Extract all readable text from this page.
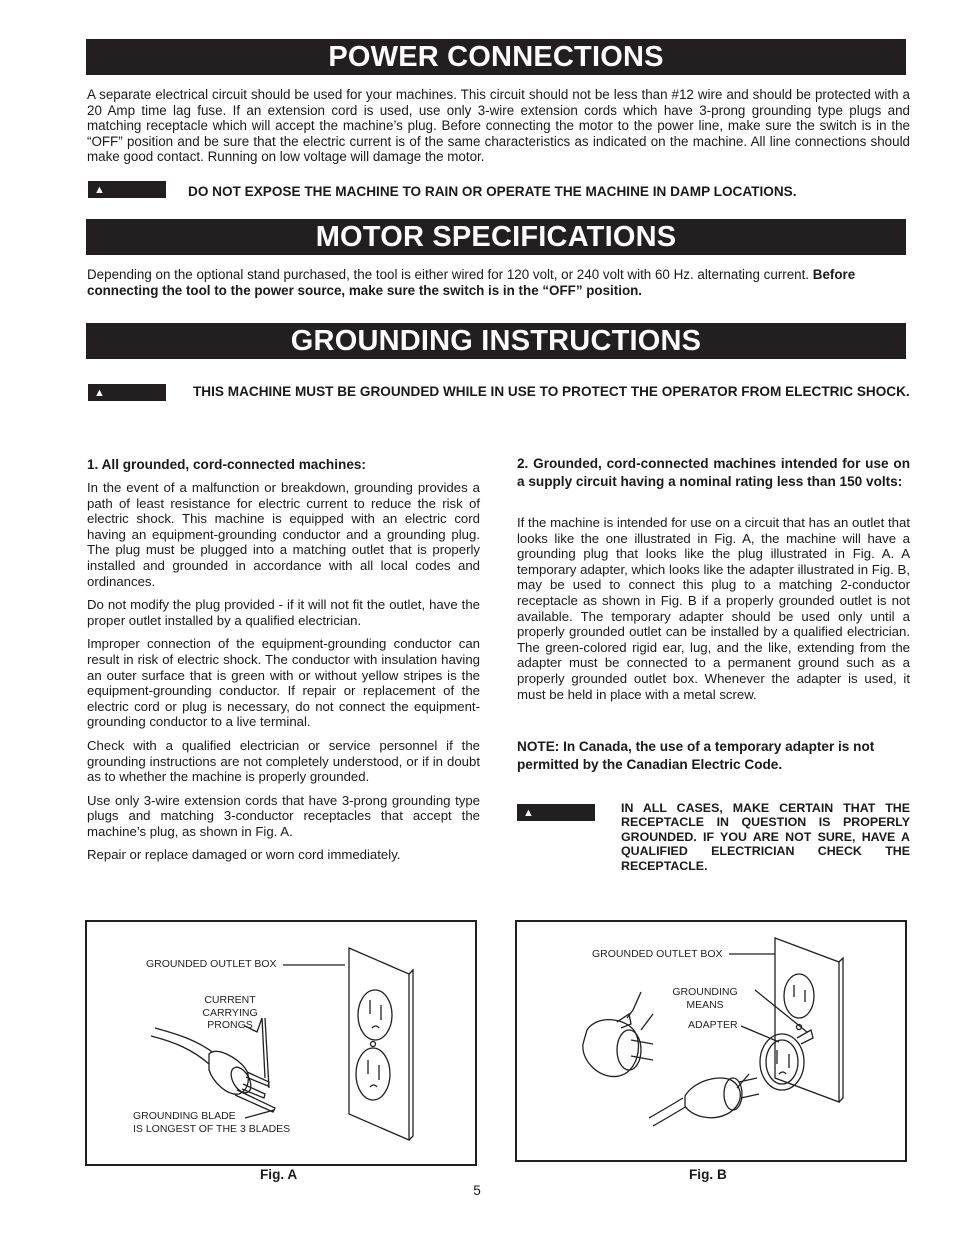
POWER CONNECTIONS

A separate electrical circuit should be used for your machines. This circuit should not be less than #12 wire and should be protected with a 20 Amp time lag fuse. If an extension cord is used, use only 3-wire extension cords which have 3-prong grounding type plugs and matching receptacle which will accept the machine’s plug. Before connecting the motor to the power line, make sure the switch is in the “OFF” position and be sure that the electric current is of the same characteristics as indicated on the machine. All line connections should make good contact. Running on low voltage will damage the motor.

▲DANGER

DO NOT EXPOSE THE MACHINE TO RAIN OR OPERATE THE MACHINE IN DAMP LOCATIONS.

MOTOR SPECIFICATIONS

Depending on the optional stand purchased, the tool is either wired for 120 volt, or 240 volt with 60 Hz. alternating current. Before connecting the tool to the power source, make sure the switch is in the “OFF” position.

GROUNDING INSTRUCTIONS
▲DANGER

THIS MACHINE MUST BE GROUNDED WHILE IN USE TO PROTECT THE OPERATOR FROM ELECTRIC SHOCK.

1. All grounded, cord-connected machines:

In the event of a malfunction or breakdown, grounding provides a path of least resistance for electric current to reduce the risk of electric shock. This machine is equipped with an electric cord having an equipment-grounding conductor and a grounding plug. The plug must be plugged into a matching outlet that is properly installed and grounded in accordance with all local codes and ordinances.

Do not modify the plug provided - if it will not fit the outlet, have the proper outlet installed by a qualified electrician.

Improper connection of the equipment-grounding conductor can result in risk of electric shock. The conductor with insulation having an outer surface that is green with or without yellow stripes is the equipment-grounding conductor. If repair or replacement of the electric cord or plug is necessary, do not connect the equipment-grounding conductor to a live terminal.

Check with a qualified electrician or service personnel if the grounding instructions are not completely understood, or if in doubt as to whether the machine is properly grounded.

Use only 3-wire extension cords that have 3-prong grounding type plugs and matching 3-conductor receptacles that accept the machine’s plug, as shown in Fig. A.

Repair or replace damaged or worn cord immediately.

2. Grounded, cord-connected machines intended for use on a supply circuit having a nominal rating less than 150 volts:

If the machine is intended for use on a circuit that has an outlet that looks like the one illustrated in Fig. A, the machine will have a grounding plug that looks like the plug illustrated in Fig. A. A temporary adapter, which looks like the adapter illustrated in Fig. B, may be used to connect this plug to a matching 2-conductor receptacle as shown in Fig. B if a properly grounded outlet is not available. The temporary adapter should be used only until a properly grounded outlet can be installed by a qualified electrician. The green-colored rigid ear, lug, and the like, extending from the adapter must be connected to a permanent ground such as a properly grounded outlet box. Whenever the adapter is used, it must be held in place with a metal screw.

NOTE: In Canada, the use of a temporary adapter is not permitted by the Canadian Electric Code.

▲DANGER

IN ALL CASES, MAKE CERTAIN THAT THE RECEPTACLE IN QUESTION IS PROPERLY GROUNDED. IF YOU ARE NOT SURE, HAVE A QUALIFIED ELECTRICIAN CHECK THE RECEPTACLE.

GROUNDED OUTLET BOX
CURRENT
CARRYING
PRONGS
GROUNDING BLADE
IS LONGEST OF THE 3 BLADES
Fig. A
GROUNDED OUTLET BOX
GROUNDING
MEANS
ADAPTER
Fig. B
5
